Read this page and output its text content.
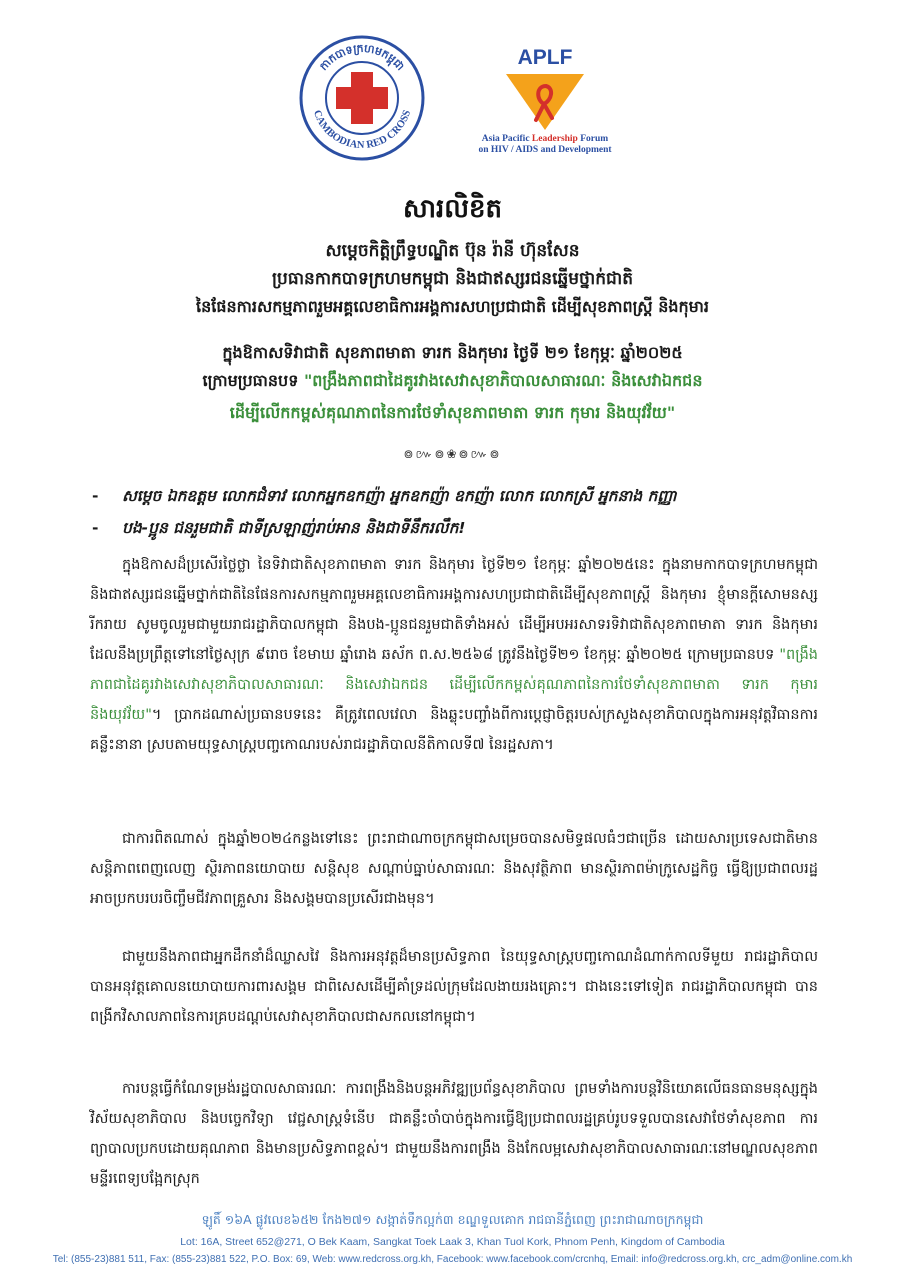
កាកបាទក្រហមកម្ពុជា
CAMBODIAN RED CROSS
APLF
Asia Pacific Leadership Forum
on HIV / AIDS and Development
សារលិខិត
សម្ដេចកិត្តិព្រឹទ្ធបណ្ឌិត ប៊ុន រ៉ានី ហ៊ុនសែន
ប្រធានកាកបាទក្រហមកម្ពុជា និងជាឥស្សរជនឆ្នើមថ្នាក់ជាតិ
នៃផែនការសកម្មភាពរួមអគ្គលេខាធិការអង្គការសហប្រជាជាតិ ដើម្បីសុខភាពស្ត្រី និងកុមារ
ក្នុងឱកាសទិវាជាតិ សុខភាពមាតា ទារក និងកុមារ ថ្ងៃទី ២១ ខែកុម្ភៈ ឆ្នាំ២០២៥
ក្រោមប្រធានបទ "ពង្រឹងភាពជាដៃគូរវាងសេវាសុខាភិបាលសាធារណៈ និងសេវាឯកជន
ដើម្បីលើកកម្ពស់គុណភាពនៃការថែទាំសុខភាពមាតា ទារក កុមារ និងយុវវ័យ"
៙៚៙❀៙៚៙
- សម្ដេច ឯកឧត្ដម លោកជំទាវ លោកអ្នកឧកញ៉ា អ្នកឧកញ៉ា ឧកញ៉ា លោក លោកស្រី អ្នកនាង កញ្ញា
- បង-ប្អូន ជនរួមជាតិ ជាទីស្រឡាញ់រាប់អាន និងជាទីនឹករលឹក!

ក្នុងឱកាសដ៏ប្រសើរថ្លៃថ្លា នៃទិវាជាតិសុខភាពមាតា ទារក និងកុមារ ថ្ងៃទី២១ ខែកុម្ភៈ ឆ្នាំ២០២៥នេះ ក្នុងនាមកាកបាទក្រហមកម្ពុជា និងជាឥស្សរជនឆ្នើមថ្នាក់ជាតិនៃផែនការសកម្មភាពរួមអគ្គលេខាធិការអង្គការសហប្រជាជាតិដើម្បីសុខភាពស្ត្រី និងកុមារ ខ្ញុំមានក្ដីសោមនស្សរីករាយ សូមចូលរួមជាមួយរាជរដ្ឋាភិបាលកម្ពុជា និងបង-ប្អូនជនរួមជាតិទាំងអស់ ដើម្បីអបអរសាទរទិវាជាតិសុខភាពមាតា ទារក និងកុមារ ដែលនឹងប្រព្រឹត្តទៅនៅថ្ងៃសុក្រ ៩រោច ខែមាឃ ឆ្នាំរោង ឆស័ក ព.ស.២៥៦៨ ត្រូវនឹងថ្ងៃទី២១ ខែកុម្ភៈ ឆ្នាំ២០២៥ ក្រោមប្រធានបទ "ពង្រឹងភាពជាដៃគូរវាងសេវាសុខាភិបាលសាធារណៈ និងសេវាឯកជន ដើម្បីលើកកម្ពស់គុណភាពនៃការថែទាំសុខភាពមាតា ទារក កុមារ និងយុវវ័យ"។ ប្រាកដណាស់ប្រធានបទនេះ គឺត្រូវពេលវេលា និងឆ្លុះបញ្ចាំងពីការប្ដេជ្ញាចិត្តរបស់ក្រសួងសុខាភិបាលក្នុងការអនុវត្តវិធានការគន្លឹះនានា ស្របតាមយុទ្ធសាស្ត្របញ្ចកោណរបស់រាជរដ្ឋាភិបាលនីតិកាលទី៧ នៃរដ្ឋសភា។

ជាការពិតណាស់ ក្នុងឆ្នាំ២០២៤កន្លងទៅនេះ ព្រះរាជាណាចក្រកម្ពុជាសម្រេចបានសមិទ្ធផលធំៗជាច្រើន ដោយសារប្រទេសជាតិមានសន្តិភាពពេញលេញ ស្ថិរភាពនយោបាយ សន្តិសុខ សណ្ដាប់ធ្នាប់សាធារណៈ និងសុវត្ថិភាព មានស្ថិរភាពម៉ាក្រូសេដ្ឋកិច្ច ធ្វើឱ្យប្រជាពលរដ្ឋអាចប្រកបរបរចិញ្ចឹមជីវភាពគ្រួសារ និងសង្គមបានប្រសើរជាងមុន។

ជាមួយនឹងភាពជាអ្នកដឹកនាំដ៏ឈ្លាសវៃ និងការអនុវត្តដ៏មានប្រសិទ្ធភាព នៃយុទ្ធសាស្ត្របញ្ចកោណដំណាក់កាលទីមួយ រាជរដ្ឋាភិបាលបានអនុវត្តគោលនយោបាយការពារសង្គម ជាពិសេសដើម្បីគាំទ្រដល់ក្រុមដែលងាយរងគ្រោះ។ ជាងនេះទៅទៀត រាជរដ្ឋាភិបាលកម្ពុជា បានពង្រីកវិសាលភាពនៃការគ្របដណ្ដប់សេវាសុខាភិបាលជាសកលនៅកម្ពុជា។

ការបន្តធ្វើកំណែទម្រង់រដ្ឋបាលសាធារណៈ ការពង្រឹងនិងបន្តអភិវឌ្ឍប្រព័ន្ធសុខាភិបាល ព្រមទាំងការបន្តវិនិយោគលើធនធានមនុស្សក្នុងវិស័យសុខាភិបាល និងបច្ចេកវិទ្យា វេជ្ជសាស្ត្រទំនើប ជាគន្លឹះចាំបាច់ក្នុងការធ្វើឱ្យប្រជាពលរដ្ឋគ្រប់រូបទទួលបានសេវាថែទាំសុខភាព ការព្យាបាលប្រកបដោយគុណភាព និងមានប្រសិទ្ធភាពខ្ពស់។ ជាមួយនឹងការពង្រឹង និងកែលម្អសេវាសុខាភិបាលសាធារណៈនៅមណ្ឌលសុខភាព មន្ទីរពេទ្យបង្អែកស្រុក

ឡូតិ៍ ១៦A ផ្លូវលេខ៦៥២ កែង២៧១ សង្កាត់ទឹកល្អក់៣ ខណ្ឌទួលគោក រាជធានីភ្នំពេញ ព្រះរាជាណាចក្រកម្ពុជា
Lot: 16A, Street 652@271, O Bek Kaam, Sangkat Toek Laak 3, Khan Tuol Kork, Phnom Penh, Kingdom of Cambodia
Tel: (855-23)881 511, Fax: (855-23)881 522, P.O. Box: 69, Web: www.redcross.org.kh, Facebook: www.facebook.com/crcnhq, Email: info@redcross.org.kh, crc_adm@online.com.kh
